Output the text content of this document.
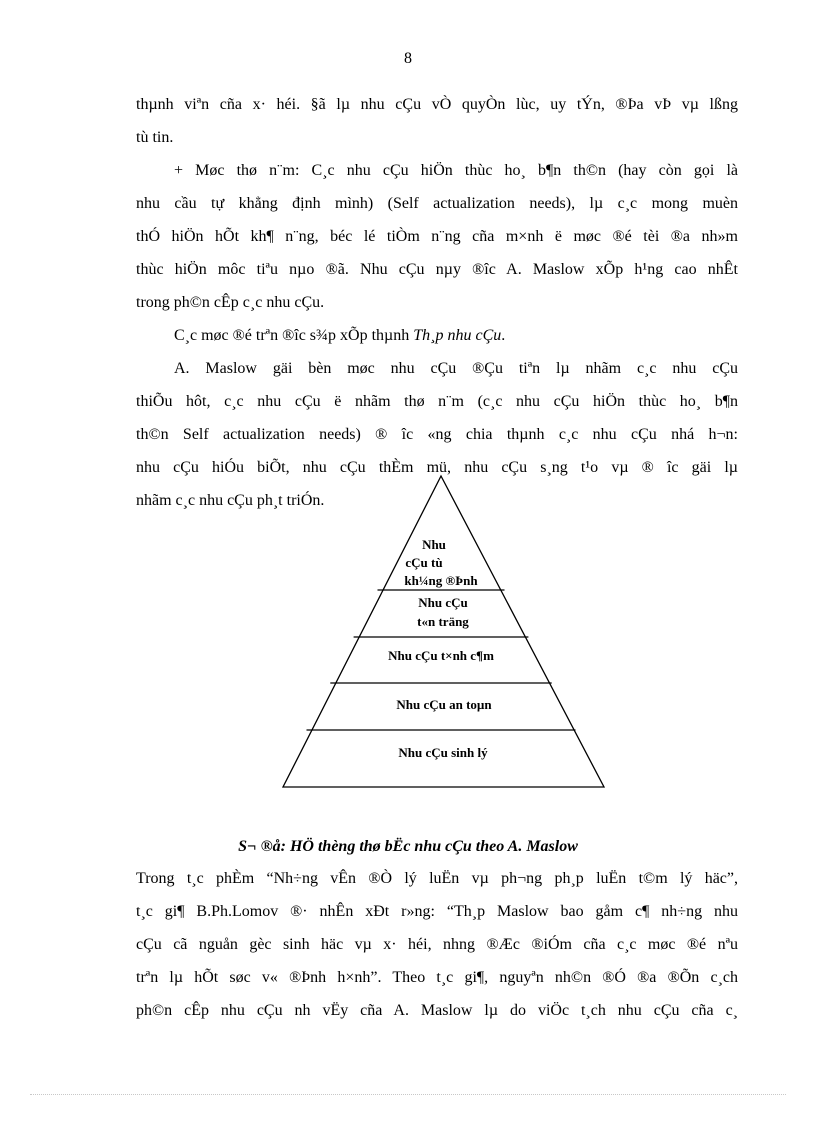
8
thµnh viªn cña x· héi. §ã lµ nhu cÇu vÒ quyÒn lùc, uy tÝn, ®Þa vÞ vµ lßng
tù tin.
+ Møc thø n¨m: C¸c nhu cÇu hiÖn thùc ho¸ b¶n th©n (hay còn gọi là
nhu cầu tự khẳng định mình) (Self actualization needs), lµ c¸c mong muèn
thÓ hiÖn hÕt kh¶ n¨ng, béc lé tiÒm n¨ng cña m×nh ë møc ®é tèi ®a nh»m
thùc hiÖn môc tiªu nµo ®ã. Nhu cÇu nµy ®îc A. Maslow xÕp h¹ng cao nhÊt
trong ph©n cÊp c¸c nhu cÇu.
C¸c møc ®é trªn ®îc s¾p xÕp thµnh Th¸p nhu cÇu.
A. Maslow gäi bèn møc nhu cÇu ®Çu tiªn lµ nhãm c¸c nhu cÇu
thiÕu hôt, c¸c nhu cÇu ë nhãm thø n¨m (c¸c nhu cÇu hiÖn thùc ho¸ b¶n
th©n Self actualization needs) ® îc «ng chia thµnh c¸c nhu cÇu nhá h¬n:
nhu cÇu hiÓu biÕt, nhu cÇu thÈm mü, nhu cÇu s¸ng t¹o vµ ® îc gäi lµ
nhãm c¸c nhu cÇu ph¸t triÓn.
Nhu
cÇu tù
kh¼ng ®Þnh
Nhu cÇu
t«n träng
Nhu cÇu t×nh c¶m
Nhu cÇu an toµn
Nhu cÇu sinh lý
S¬ ®å: HÖ thèng thø bËc nhu cÇu theo A. Maslow
Trong t¸c phÈm “Nh÷ng vÊn ®Ò lý luËn vµ ph¬ng ph¸p luËn t©m lý häc”,
t¸c gi¶ B.Ph.Lomov ®· nhÊn xÐt r»ng: “Th¸p Maslow bao gåm c¶ nh÷ng nhu
cÇu cã nguån gèc sinh häc vµ x· héi, nhng ®Æc ®iÓm cña c¸c møc ®é nªu
trªn lµ hÕt søc v« ®Þnh h×nh”. Theo t¸c gi¶, nguyªn nh©n ®Ó ®a ®Õn c¸ch
ph©n cÊp nhu cÇu nh vËy cña A. Maslow lµ do viÖc t¸ch nhu cÇu cña c¸
